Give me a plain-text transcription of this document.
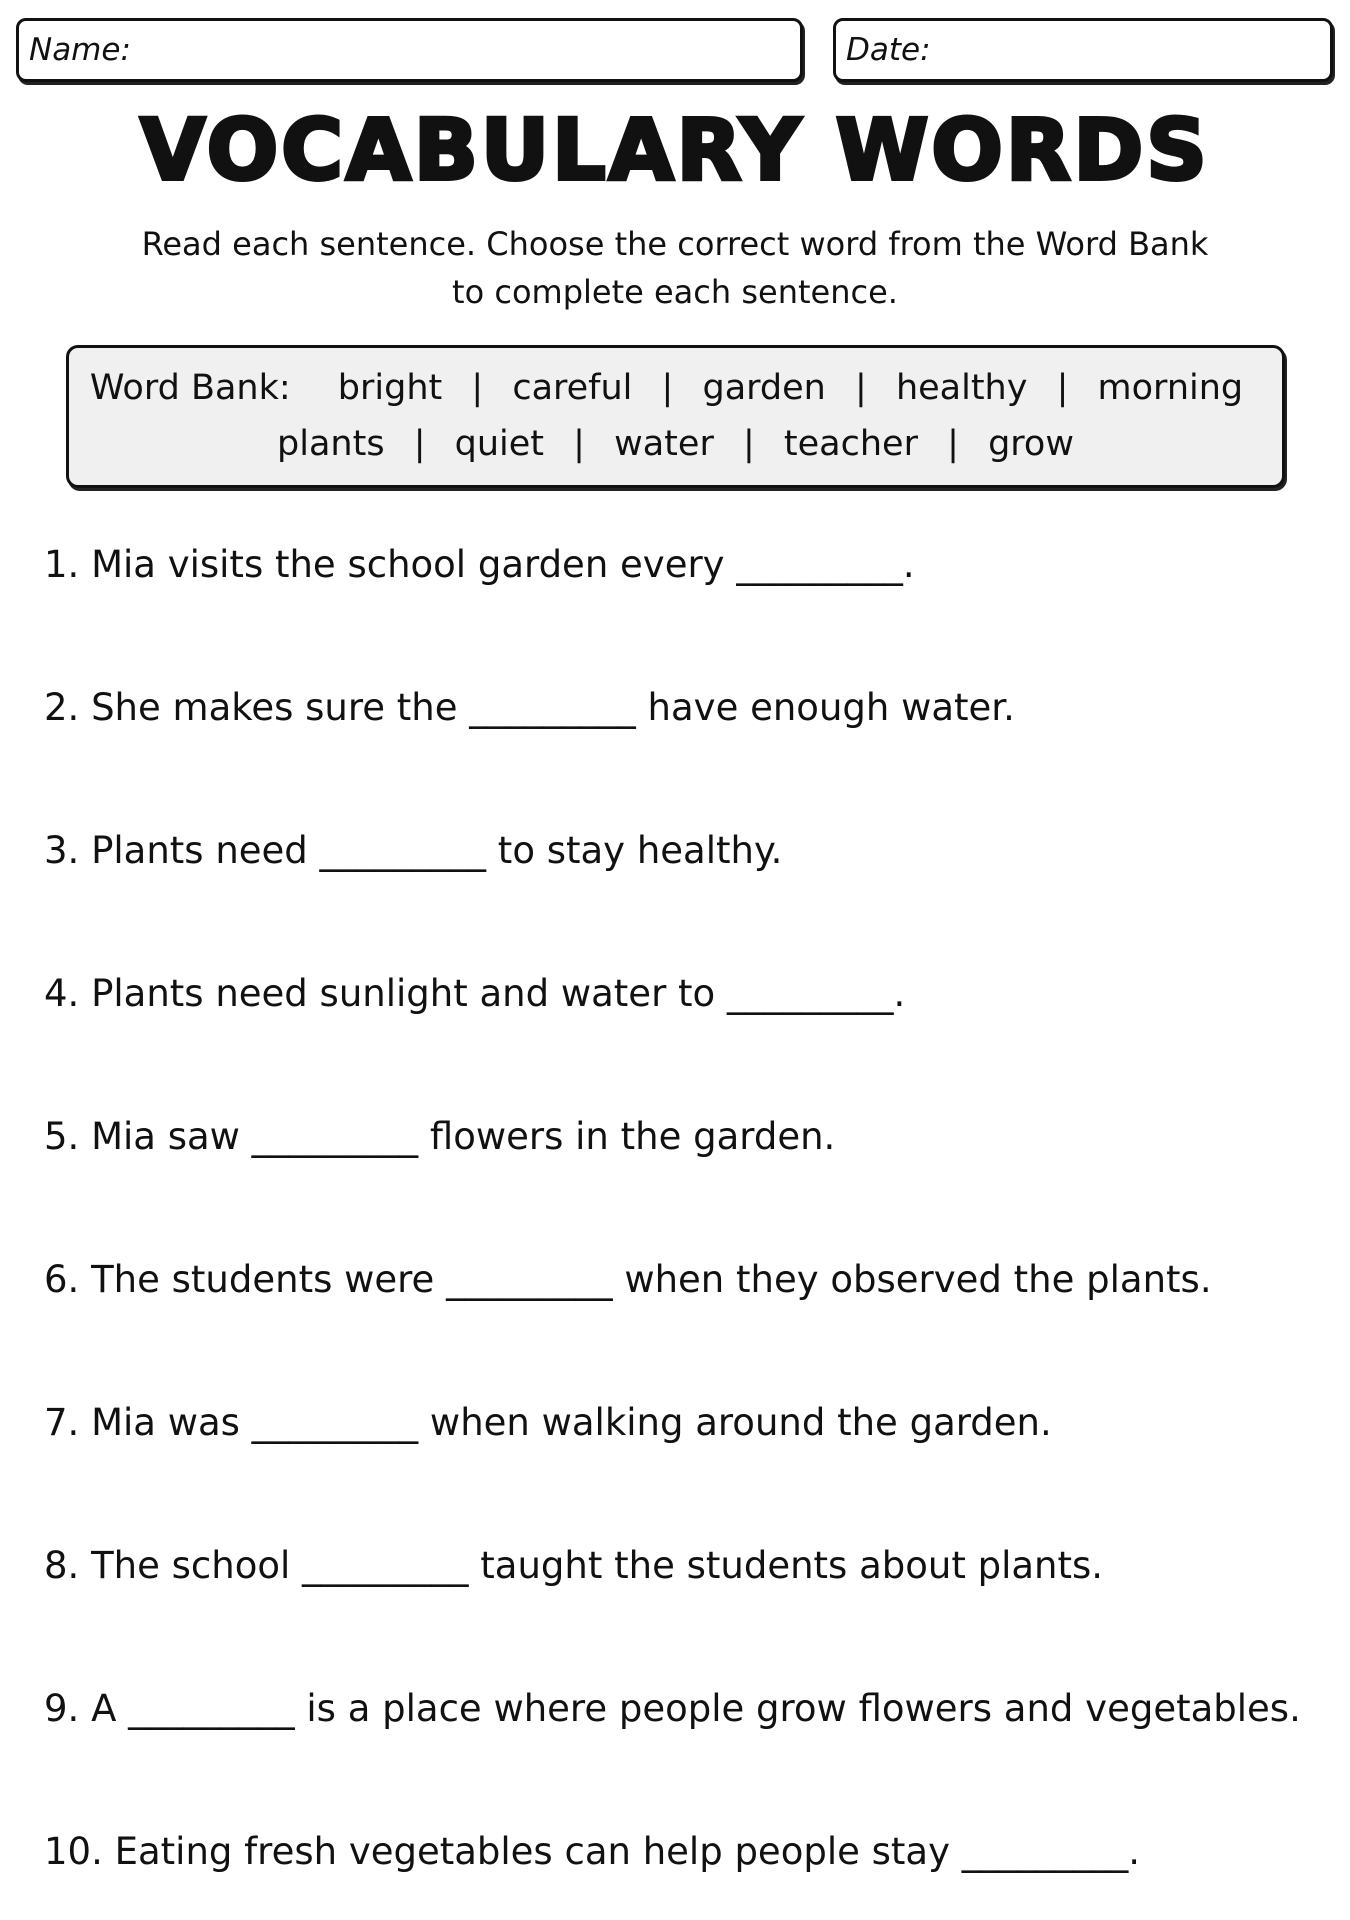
Name:	Date:
VOCABULARY WORDS
Read each sentence. Choose the correct word from the Word Bank
to complete each sentence.
Word Bank: bright | careful | garden | healthy | morning
plants | quiet | water | teacher | grow
1. Mia visits the school garden every _________.
2. She makes sure the _________ have enough water.
3. Plants need _________ to stay healthy.
4. Plants need sunlight and water to _________.
5. Mia saw _________ flowers in the garden.
6. The students were _________ when they observed the plants.
7. Mia was _________ when walking around the garden.
8. The school _________ taught the students about plants.
9. A _________ is a place where people grow flowers and vegetables.
10. Eating fresh vegetables can help people stay _________.
